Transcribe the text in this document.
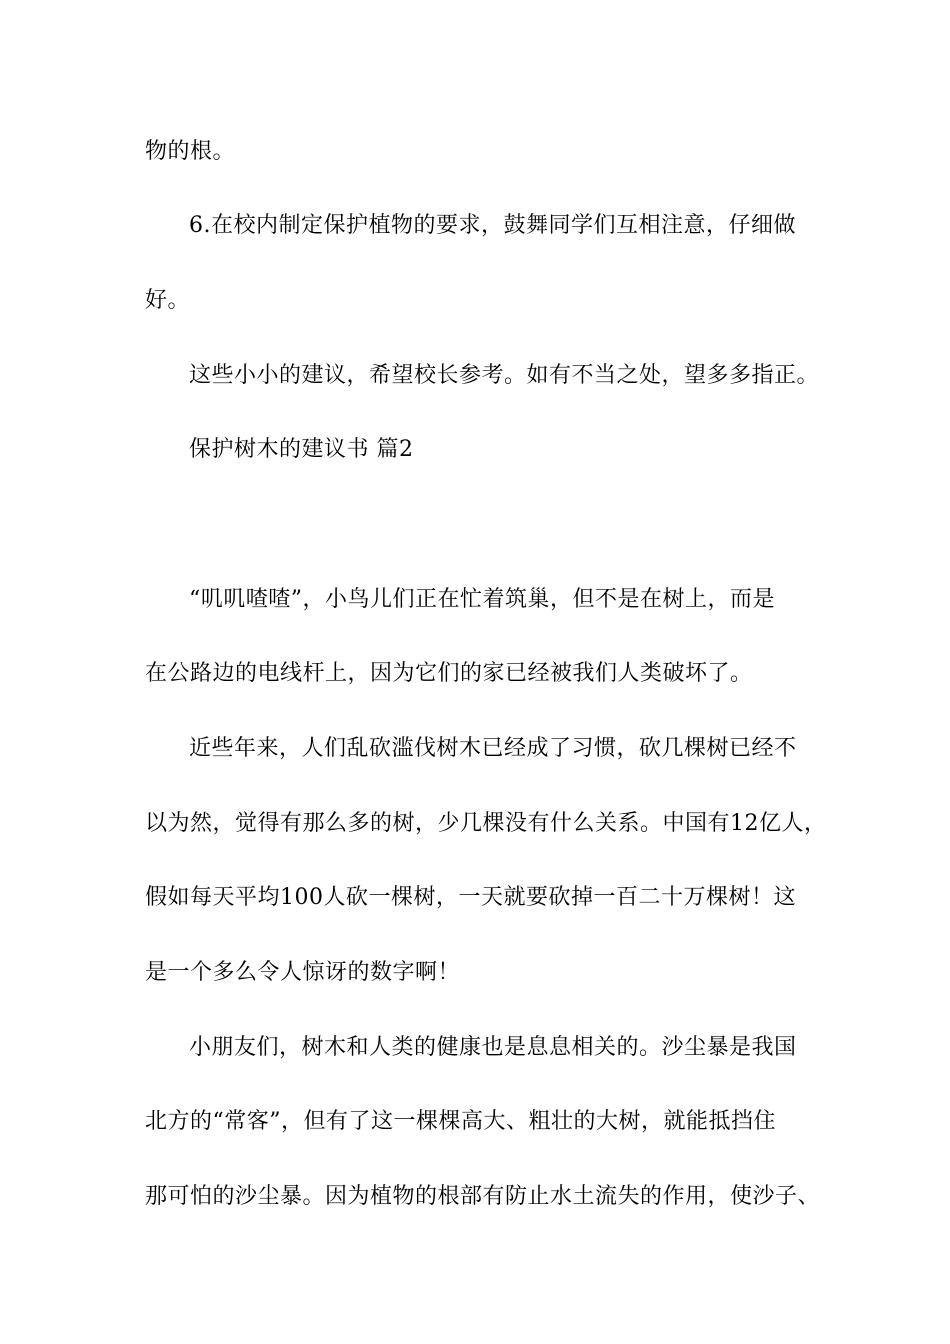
物的根。
6.在校内制定保护植物的要求，鼓舞同学们互相注意，仔细做
好。
这些小小的建议，希望校长参考。如有不当之处，望多多指正。
保护树木的建议书 篇2
“叽叽喳喳”，小鸟儿们正在忙着筑巢，但不是在树上，而是
在公路边的电线杆上，因为它们的家已经被我们人类破坏了。
近些年来，人们乱砍滥伐树木已经成了习惯，砍几棵树已经不
以为然，觉得有那么多的树，少几棵没有什么关系。中国有12亿人，
假如每天平均100人砍一棵树，一天就要砍掉一百二十万棵树！这
是一个多么令人惊讶的数字啊！
小朋友们，树木和人类的健康也是息息相关的。沙尘暴是我国
北方的“常客”，但有了这一棵棵高大、粗壮的大树，就能抵挡住
那可怕的沙尘暴。因为植物的根部有防止水土流失的作用，使沙子、
